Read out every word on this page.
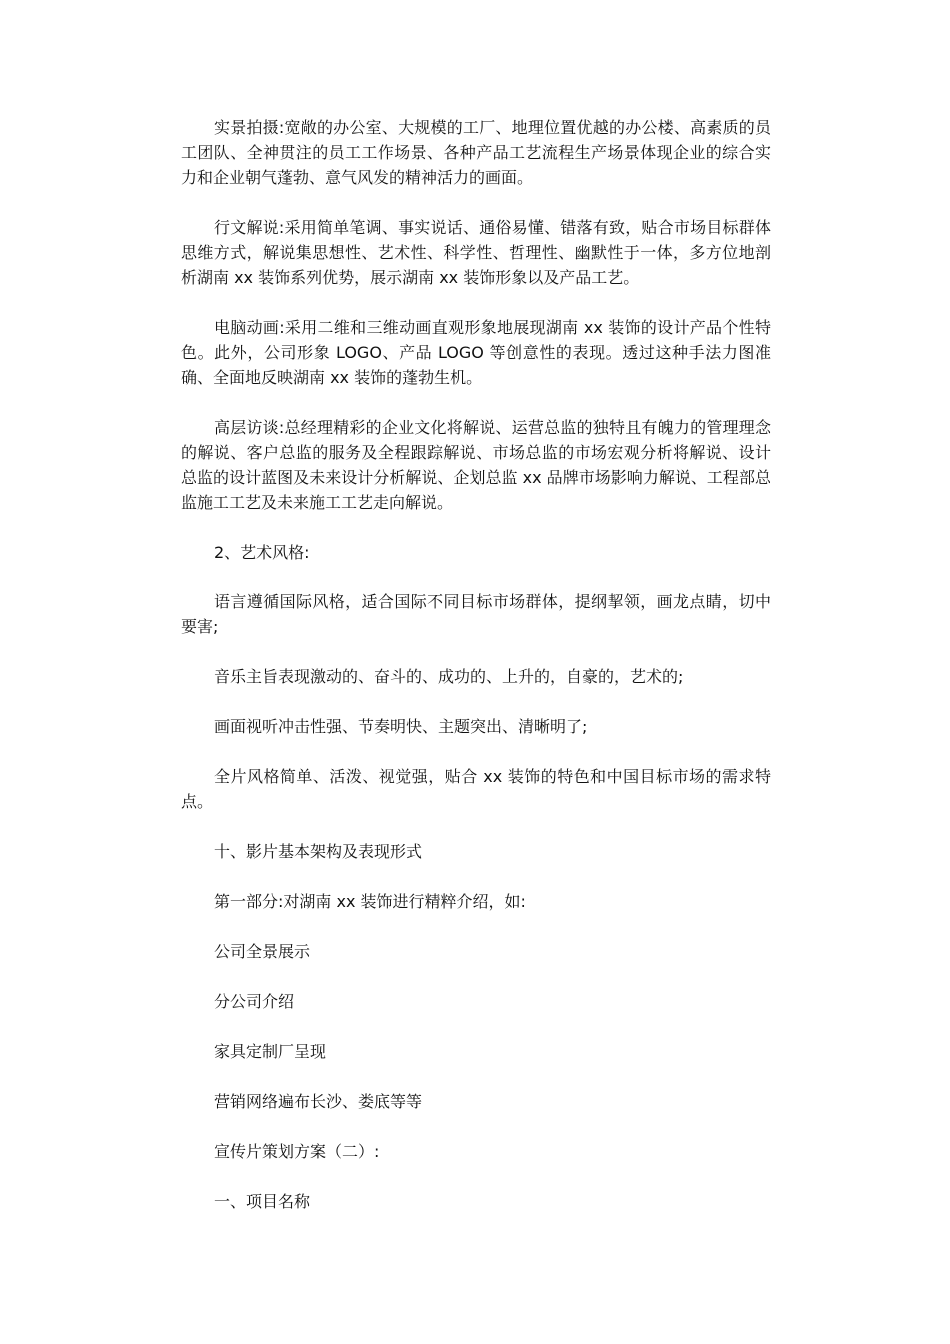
实景拍摄:宽敞的办公室、大规模的工厂、地理位置优越的办公楼、高素质的员工团队、全神贯注的员工工作场景、各种产品工艺流程生产场景体现企业的综合实力和企业朝气蓬勃、意气风发的精神活力的画面。

行文解说:采用简单笔调、事实说话、通俗易懂、错落有致，贴合市场目标群体思维方式，解说集思想性、艺术性、科学性、哲理性、幽默性于一体，多方位地剖析湖南 xx 装饰系列优势，展示湖南 xx 装饰形象以及产品工艺。

电脑动画:采用二维和三维动画直观形象地展现湖南 xx 装饰的设计产品个性特色。此外，公司形象 LOGO、产品 LOGO 等创意性的表现。透过这种手法力图准确、全面地反映湖南 xx 装饰的蓬勃生机。

高层访谈:总经理精彩的企业文化将解说、运营总监的独特且有魄力的管理理念的解说、客户总监的服务及全程跟踪解说、市场总监的市场宏观分析将解说、设计总监的设计蓝图及未来设计分析解说、企划总监 xx 品牌市场影响力解说、工程部总监施工工艺及未来施工工艺走向解说。

2、艺术风格:

语言遵循国际风格，适合国际不同目标市场群体，提纲挈领，画龙点睛，切中要害;

音乐主旨表现激动的、奋斗的、成功的、上升的，自豪的，艺术的;

画面视听冲击性强、节奏明快、主题突出、清晰明了;

全片风格简单、活泼、视觉强，贴合 xx 装饰的特色和中国目标市场的需求特点。

十、影片基本架构及表现形式

第一部分:对湖南 xx 装饰进行精粹介绍，如:

公司全景展示

分公司介绍

家具定制厂呈现

营销网络遍布长沙、娄底等等

宣传片策划方案（二）:

一、项目名称
